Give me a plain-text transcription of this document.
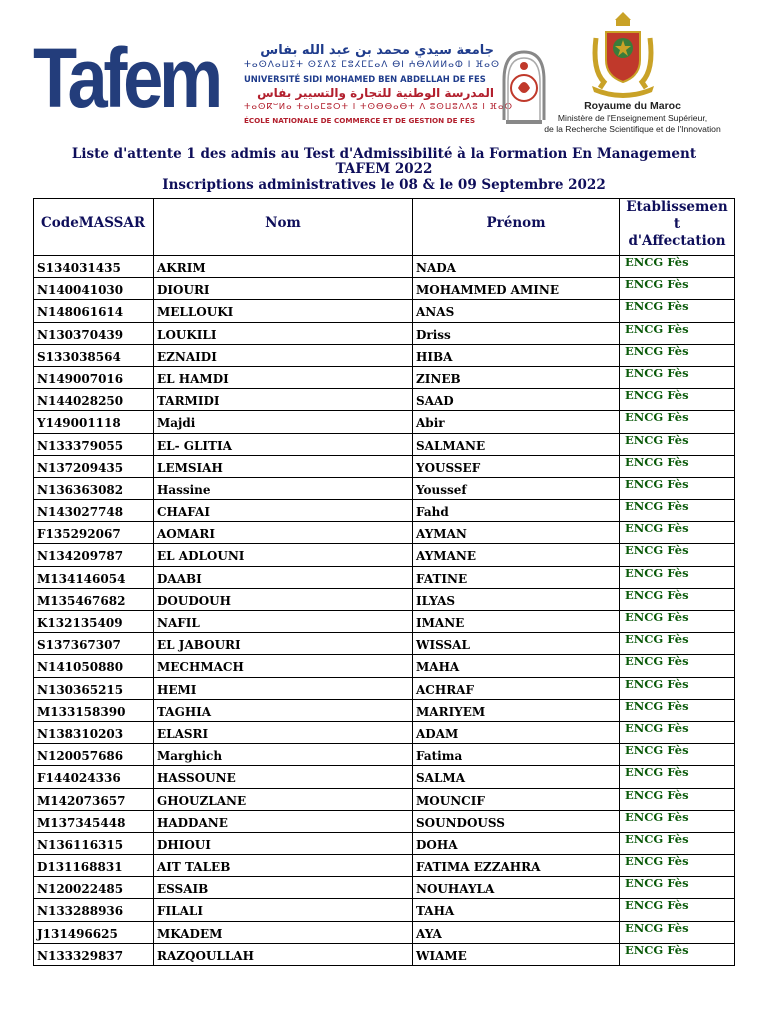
Tafem	جامعة سيدي محمد بن عبد الله بفاس
ⵜⴰⵙⴷⴰⵡⵉⵜ ⵙⵉⴷⵉ ⵎⵓⵃⵎⵎⴰⴷ ⴱⵏ ⵄⴱⴷⵍⵍⴰⵀ ⵏ ⴼⴰⵙ
UNIVERSITÉ SIDI MOHAMED BEN ABDELLAH DE FES
المدرسة الوطنية للتجارة والتسيير بفاس
ⵜⴰⵙⴽⵯⵍⴰ ⵜⴰⵏⴰⵎⵓⵔⵜ ⵏ ⵜⵙⴱⴱⴰⴱⵜ ⴷ ⵓⵙⵡⵓⴷⴷⵓ ⵏ ⴼⴰⵙ
ÉCOLE NATIONALE DE COMMERCE ET DE GESTION DE FES
Royaume du Maroc
Ministère de l'Enseignement Supérieur,
de la Recherche Scientifique et de l'Innovation
Liste d'attente 1 des admis au Test d'Admissibilité à la Formation En Management
TAFEM 2022
Inscriptions administratives le 08 & le 09 Septembre 2022
CodeMASSAR	Nom	Prénom
Etablissemen
t
d'Affectation
S134031435	AKRIM	NADA	ENCG Fès
N140041030	DIOURI	MOHAMMED AMINE	ENCG Fès
N148061614	MELLOUKI	ANAS	ENCG Fès
N130370439	LOUKILI	Driss	ENCG Fès
S133038564	EZNAIDI	HIBA	ENCG Fès
N149007016	EL HAMDI	ZINEB	ENCG Fès
N144028250	TARMIDI	SAAD	ENCG Fès
Y149001118	Majdi	Abir	ENCG Fès
N133379055	EL- GLITIA	SALMANE	ENCG Fès
N137209435	LEMSIAH	YOUSSEF	ENCG Fès
N136363082	Hassine	Youssef	ENCG Fès
N143027748	CHAFAI	Fahd	ENCG Fès
F135292067	AOMARI	AYMAN	ENCG Fès
N134209787	EL ADLOUNI	AYMANE	ENCG Fès
M134146054	DAABI	FATINE	ENCG Fès
M135467682	DOUDOUH	ILYAS	ENCG Fès
K132135409	NAFIL	IMANE	ENCG Fès
S137367307	EL JABOURI	WISSAL	ENCG Fès
N141050880	MECHMACH	MAHA	ENCG Fès
N130365215	HEMI	ACHRAF	ENCG Fès
M133158390	TAGHIA	MARIYEM	ENCG Fès
N138310203	ELASRI	ADAM	ENCG Fès
N120057686	Marghich	Fatima	ENCG Fès
F144024336	HASSOUNE	SALMA	ENCG Fès
M142073657	GHOUZLANE	MOUNCIF	ENCG Fès
M137345448	HADDANE	SOUNDOUSS	ENCG Fès
N136116315	DHIOUI	DOHA	ENCG Fès
D131168831	AIT TALEB	FATIMA EZZAHRA	ENCG Fès
N120022485	ESSAIB	NOUHAYLA	ENCG Fès
N133288936	FILALI	TAHA	ENCG Fès
J131496625	MKADEM	AYA	ENCG Fès
N133329837	RAZQOULLAH	WIAME	ENCG Fès
